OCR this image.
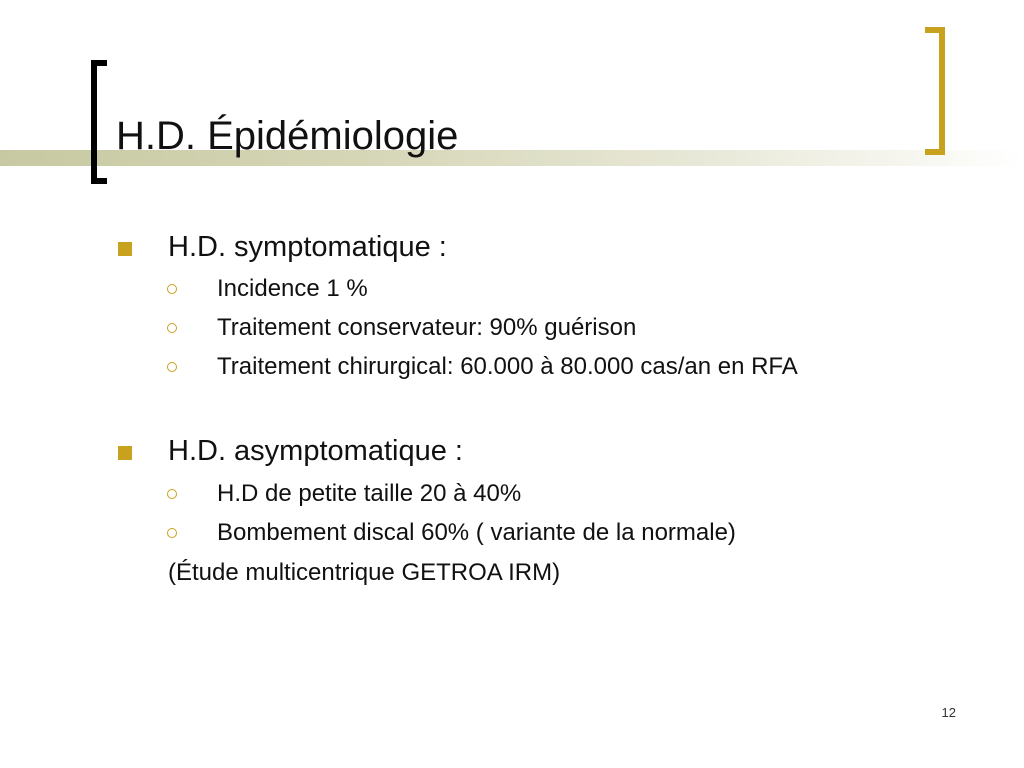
H.D. Épidémiologie
H.D. symptomatique :
Incidence 1 %
Traitement conservateur: 90% guérison
Traitement chirurgical: 60.000 à 80.000 cas/an en RFA
H.D. asymptomatique :
H.D de petite taille 20 à 40%
Bombement discal 60% ( variante de la normale)
(Étude multicentrique GETROA IRM)
12
